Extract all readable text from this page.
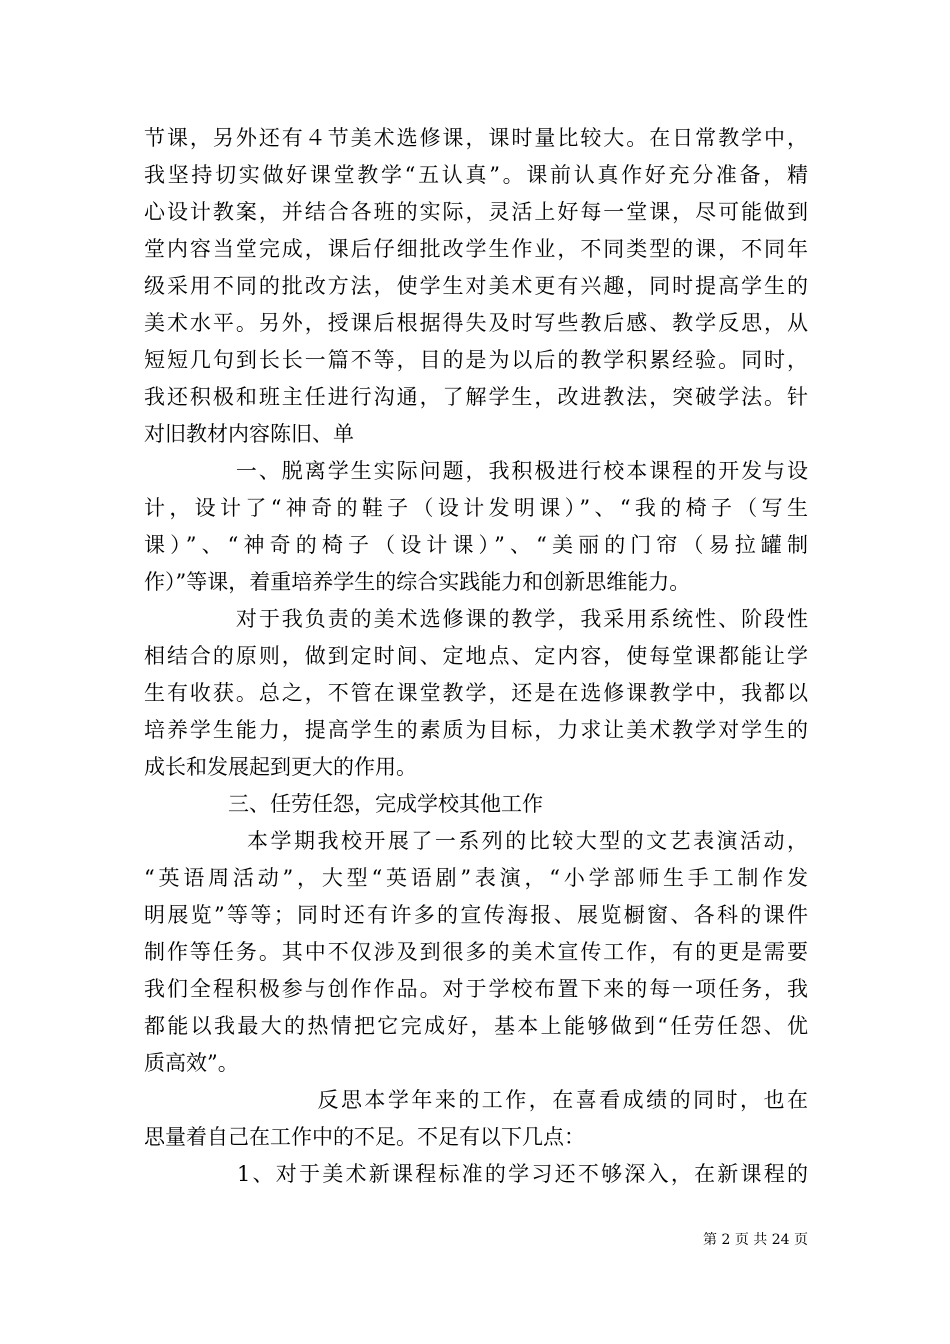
节课，另外还有４节美术选修课，课时量比较大。在日常教学中，
我坚持切实做好课堂教学“五认真”。课前认真作好充分准备，精
心设计教案，并结合各班的实际，灵活上好每一堂课，尽可能做到
堂内容当堂完成，课后仔细批改学生作业，不同类型的课，不同年
级采用不同的批改方法，使学生对美术更有兴趣，同时提高学生的
美术水平。另外，授课后根据得失及时写些教后感、教学反思，从
短短几句到长长一篇不等，目的是为以后的教学积累经验。同时，
我还积极和班主任进行沟通，了解学生，改进教法，突破学法。针
对旧教材内容陈旧、单
　　　　一、脱离学生实际问题，我积极进行校本课程的开发与设
计，设计了“神奇的鞋子（设计发明课）”、“我的椅子（写生
课）”、“神奇的椅子（设计课）”、“美丽的门帘（易拉罐制
作）”等课，着重培养学生的综合实践能力和创新思维能力。
　　　　对于我负责的美术选修课的教学，我采用系统性、阶段性
相结合的原则，做到定时间、定地点、定内容，使每堂课都能让学
生有收获。总之，不管在课堂教学，还是在选修课教学中，我都以
培养学生能力，提高学生的素质为目标，力求让美术教学对学生的
成长和发展起到更大的作用。
　　　　三、任劳任怨，完成学校其他工作
　　　　 本学期我校开展了一系列的比较大型的文艺表演活动，
“英语周活动”，大型“英语剧”表演，“小学部师生手工制作发
明展览”等等；同时还有许多的宣传海报、展览橱窗、各科的课件
制作等任务。其中不仅涉及到很多的美术宣传工作，有的更是需要
我们全程积极参与创作作品。对于学校布置下来的每一项任务，我
都能以我最大的热情把它完成好，基本上能够做到“任劳任怨、优
质高效”。
　　　　　　　 反思本学年来的工作，在喜看成绩的同时，也在
思量着自己在工作中的不足。不足有以下几点：
　　　　1、对于美术新课程标准的学习还不够深入，在新课程的
第 2 页 共 24 页
